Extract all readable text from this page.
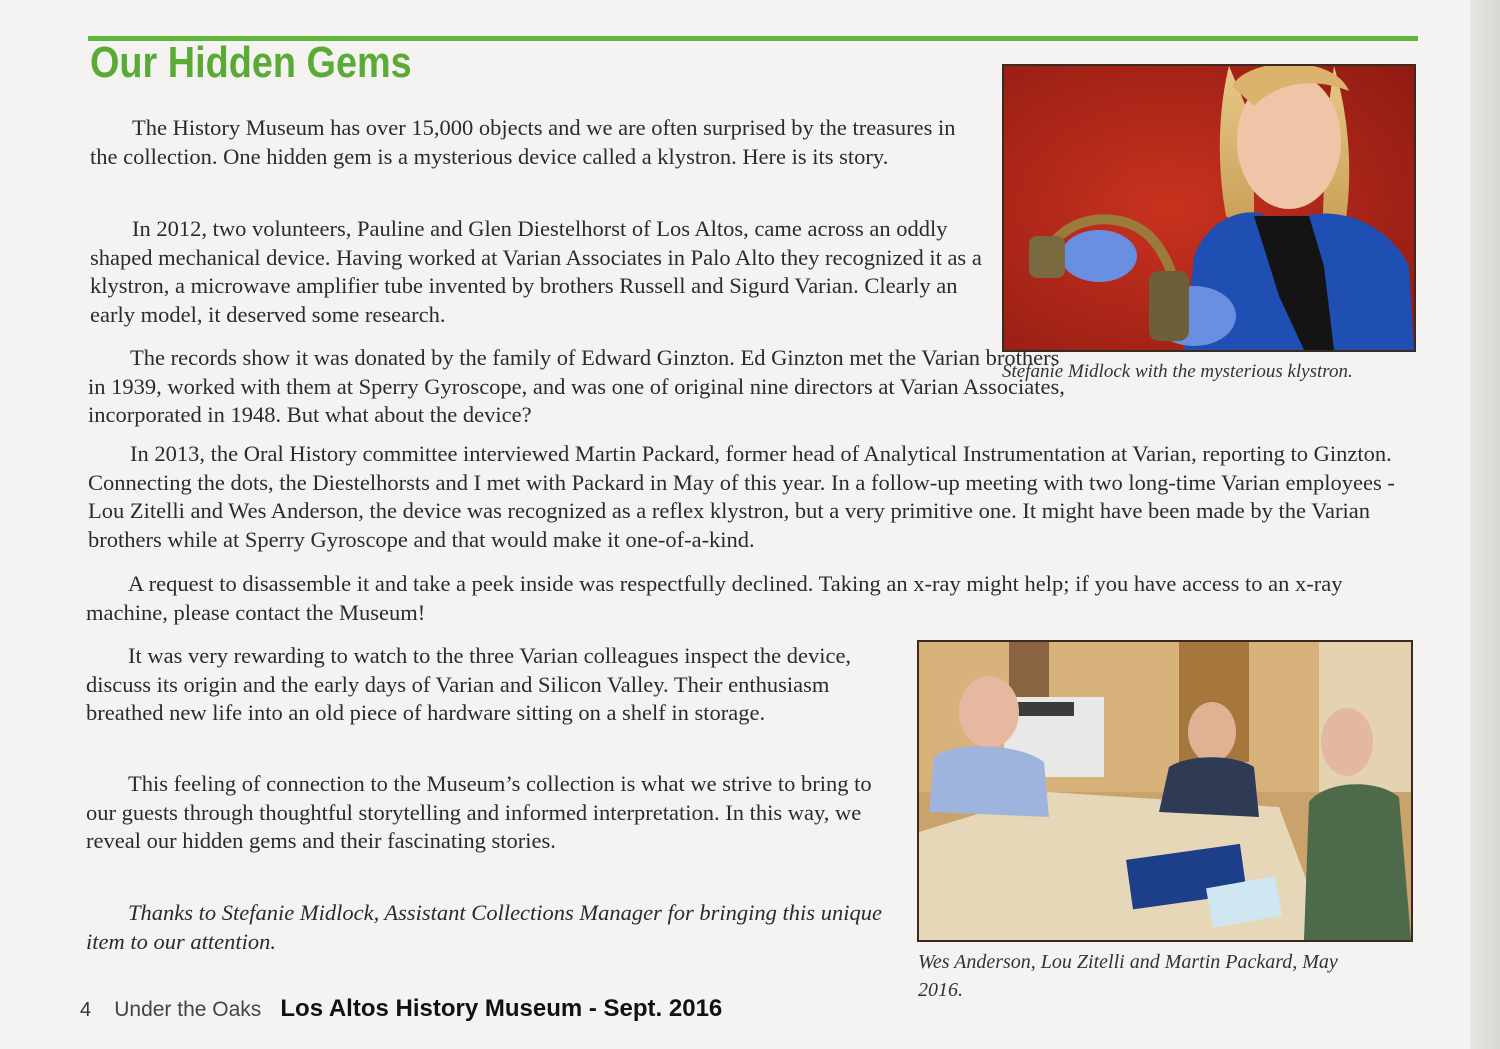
Our Hidden Gems

Stefanie Midlock with the mysterious klystron.

Wes Anderson, Lou Zitelli and Martin Packard, May 2016.

The History Museum has over 15,000 objects and we are often surprised by the treasures in the collection. One hidden gem is a mysterious device called a klystron. Here is its story.

In 2012, two volunteers, Pauline and Glen Diestelhorst of Los Altos, came across an oddly shaped mechanical device. Having worked at Varian Associates in Palo Alto they recognized it as a klystron, a microwave amplifier tube invented by brothers Russell and Sigurd Varian. Clearly an early model, it deserved some research.

The records show it was donated by the family of Edward Ginzton. Ed Ginzton met the Varian brothers in 1939, worked with them at Sperry Gyroscope, and was one of original nine directors at Varian Associates, incorporated in 1948. But what about the device?

In 2013, the Oral History committee interviewed Martin Packard, former head of Analytical Instrumentation at Varian, reporting to Ginzton. Connecting the dots, the Diestelhorsts and I met with Packard in May of this year. In a follow-up meeting with two long-time Varian employees - Lou Zitelli and Wes Anderson, the device was recognized as a reflex klystron, but a very primitive one. It might have been made by the Varian brothers while at Sperry Gyroscope and that would make it one-of-a-kind.

A request to disassemble it and take a peek inside was respectfully declined. Taking an x-ray might help; if you have access to an x-ray machine, please contact the Museum!

It was very rewarding to watch to the three Varian colleagues inspect the device, discuss its origin and the early days of Varian and Silicon Valley. Their enthusiasm breathed new life into an old piece of hardware sitting on a shelf in storage.

This feeling of connection to the Museum’s collection is what we strive to bring to our guests through thoughtful storytelling and informed interpretation. In this way, we reveal our hidden gems and their fascinating stories.

Thanks to Stefanie Midlock, Assistant Collections Manager for bringing this unique item to our attention.

4 Under the Oaks Los Altos History Museum - Sept. 2016
